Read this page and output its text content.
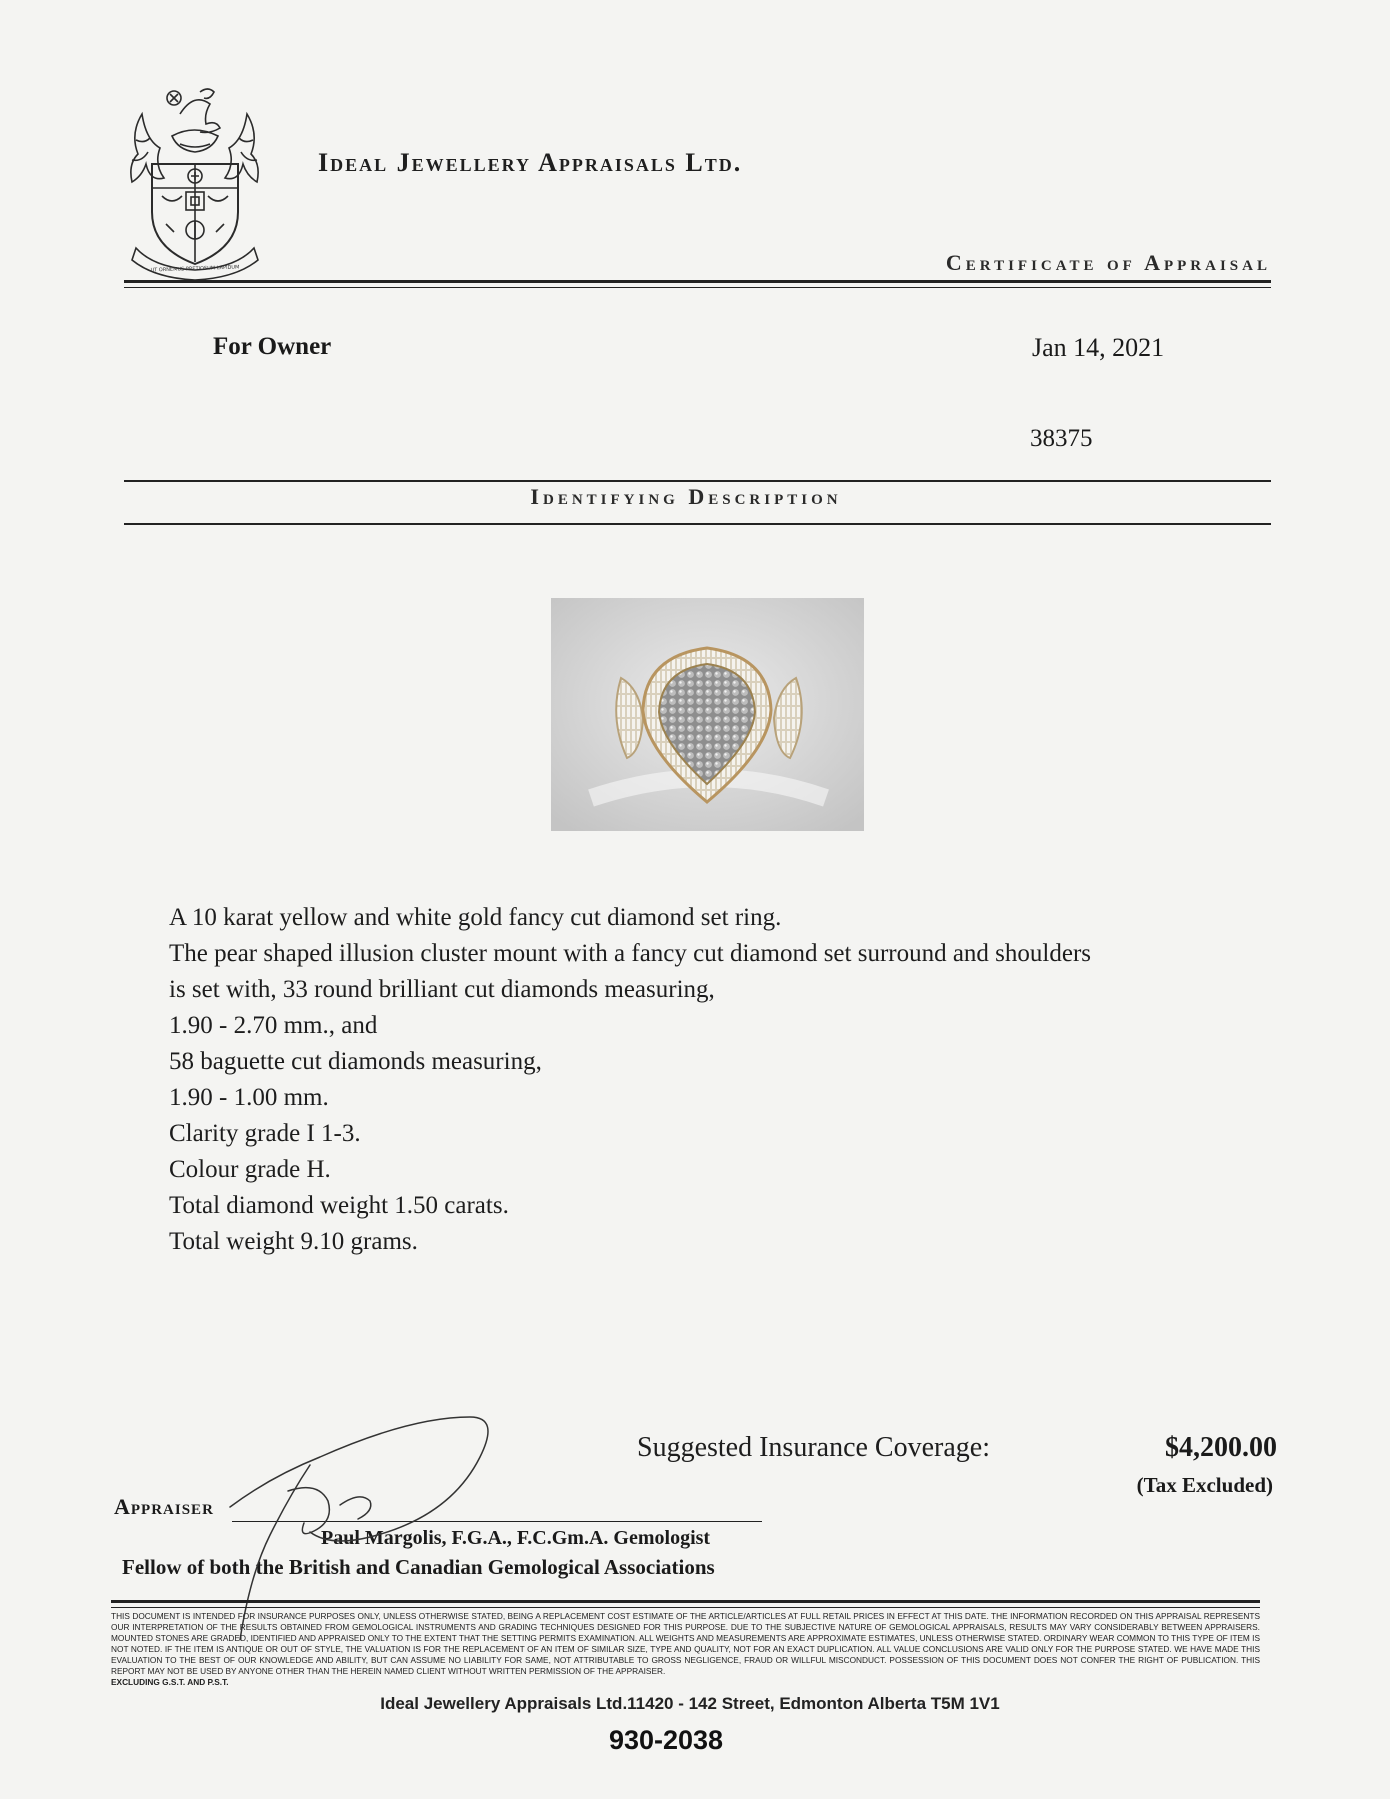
UT ORNEMUS PRETIOSUM LAPIDUM
Ideal Jewellery Appraisals Ltd.
Certificate of Appraisal
For Owner	Jan 14, 2021
38375
Identifying Description
A 10 karat yellow and white gold fancy cut diamond set ring.
The pear shaped illusion cluster mount with a fancy cut diamond set surround and shoulders
is set with, 33 round brilliant cut diamonds measuring,
1.90 - 2.70 mm., and
58 baguette cut diamonds measuring,
1.90 - 1.00 mm.
Clarity grade I 1-3.
Colour grade H.
Total diamond weight 1.50 carats.
Total weight 9.10 grams.
Suggested Insurance Coverage:	$4,200.00
(Tax Excluded)
Appraiser
Paul Margolis, F.G.A., F.C.Gm.A. Gemologist
Fellow of both the British and Canadian Gemological Associations
THIS DOCUMENT IS INTENDED FOR INSURANCE PURPOSES ONLY, UNLESS OTHERWISE STATED, BEING A REPLACEMENT COST ESTIMATE OF THE ARTICLE/ARTICLES AT FULL RETAIL PRICES IN EFFECT AT THIS DATE. THE INFORMATION RECORDED ON THIS APPRAISAL REPRESENTS OUR INTERPRETATION OF THE RESULTS OBTAINED FROM GEMOLOGICAL INSTRUMENTS AND GRADING TECHNIQUES DESIGNED FOR THIS PURPOSE. DUE TO THE SUBJECTIVE NATURE OF GEMOLOGICAL APPRAISALS, RESULTS MAY VARY CONSIDERABLY BETWEEN APPRAISERS. MOUNTED STONES ARE GRADED, IDENTIFIED AND APPRAISED ONLY TO THE EXTENT THAT THE SETTING PERMITS EXAMINATION. ALL WEIGHTS AND MEASUREMENTS ARE APPROXIMATE ESTIMATES, UNLESS OTHERWISE STATED. ORDINARY WEAR COMMON TO THIS TYPE OF ITEM IS NOT NOTED. IF THE ITEM IS ANTIQUE OR OUT OF STYLE, THE VALUATION IS FOR THE REPLACEMENT OF AN ITEM OF SIMILAR SIZE, TYPE AND QUALITY, NOT FOR AN EXACT DUPLICATION. ALL VALUE CONCLUSIONS ARE VALID ONLY FOR THE PURPOSE STATED. WE HAVE MADE THIS EVALUATION TO THE BEST OF OUR KNOWLEDGE AND ABILITY, BUT CAN ASSUME NO LIABILITY FOR SAME, NOT ATTRIBUTABLE TO GROSS NEGLIGENCE, FRAUD OR WILLFUL MISCONDUCT. POSSESSION OF THIS DOCUMENT DOES NOT CONFER THE RIGHT OF PUBLICATION. THIS REPORT MAY NOT BE USED BY ANYONE OTHER THAN THE HEREIN NAMED CLIENT WITHOUT WRITTEN PERMISSION OF THE APPRAISER.
EXCLUDING G.S.T. AND P.S.T.
Ideal Jewellery Appraisals Ltd.11420 - 142 Street, Edmonton Alberta T5M 1V1
930-2038
